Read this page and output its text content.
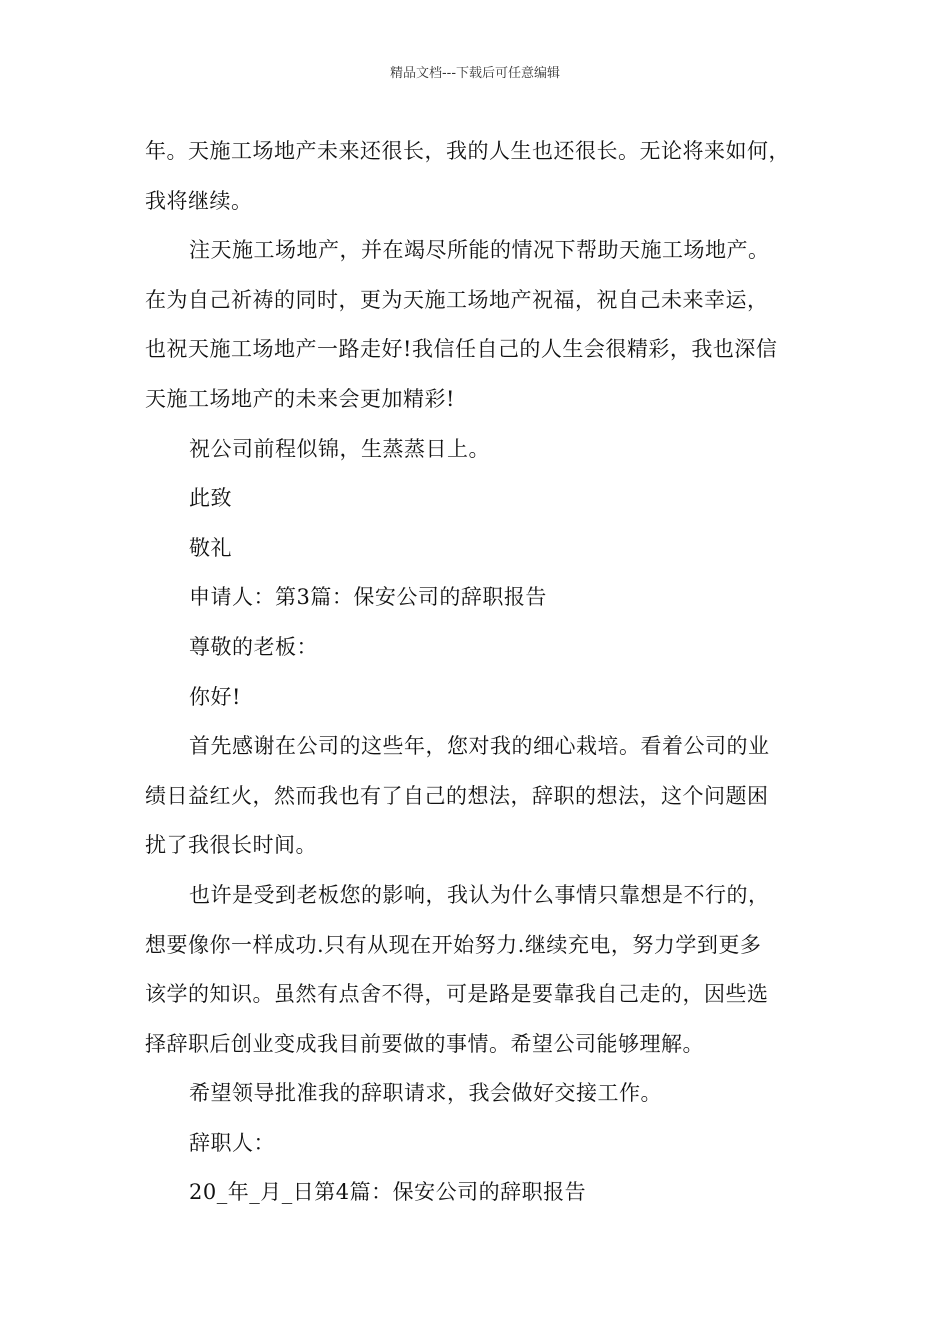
精品文档---下载后可任意编辑
年。天施工场地产未来还很长，我的人生也还很长。无论将来如何，
我将继续。
注天施工场地产，并在竭尽所能的情况下帮助天施工场地产。
在为自己祈祷的同时，更为天施工场地产祝福，祝自己未来幸运，
也祝天施工场地产一路走好!我信任自己的人生会很精彩，我也深信
天施工场地产的未来会更加精彩!
祝公司前程似锦，生蒸蒸日上。
此致
敬礼
申请人：第3篇：保安公司的辞职报告
尊敬的老板：
你好!
首先感谢在公司的这些年，您对我的细心栽培。看着公司的业
绩日益红火，然而我也有了自己的想法，辞职的想法，这个问题困
扰了我很长时间。
也许是受到老板您的影响，我认为什么事情只靠想是不行的，
想要像你一样成功.只有从现在开始努力.继续充电，努力学到更多
该学的知识。虽然有点舍不得，可是路是要靠我自己走的，因些选
择辞职后创业变成我目前要做的事情。希望公司能够理解。
希望领导批准我的辞职请求，我会做好交接工作。
辞职人：
20_年_月_日第4篇：保安公司的辞职报告
